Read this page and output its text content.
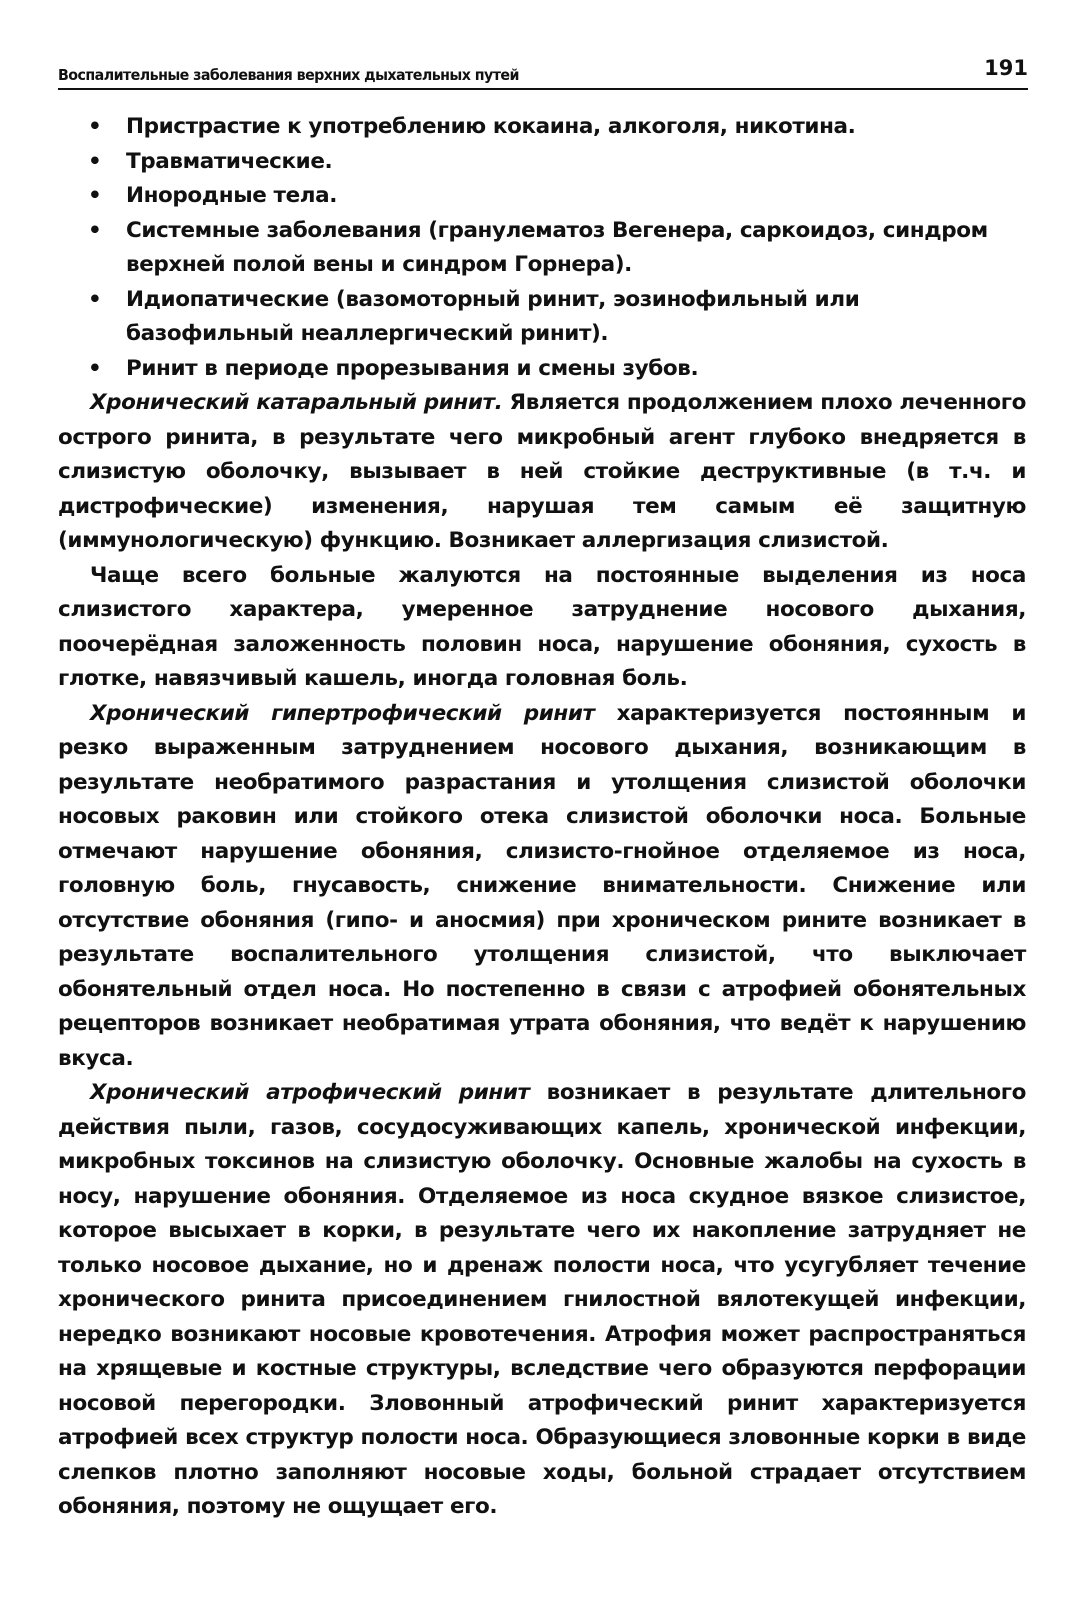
Воспалительные заболевания верхних дыхательных путей	191
• Пристрастие к употреблению кокаина, алкоголя, никотина.
• Травматические.
• Инородные тела.
• Системные заболевания (гранулематоз Вегенера, саркоидоз, синдром верхней полой вены и синдром Горнера).
• Идиопатические (вазомоторный ринит, эозинофильный или базофильный неаллергический ринит).
• Ринит в периоде прорезывания и смены зубов.

Хронический катаральный ринит. Является продолжением плохо леченного острого ринита, в результате чего микробный агент глубоко внедряется в слизистую оболочку, вызывает в ней стойкие деструктивные (в т.ч. и дистрофические) изменения, нарушая тем самым её защитную (иммунологическую) функцию. Возникает аллергизация слизистой.

Чаще всего больные жалуются на постоянные выделения из носа слизистого характера, умеренное затруднение носового дыхания, поочерёдная заложенность половин носа, нарушение обоняния, сухость в глотке, навязчивый кашель, иногда головная боль.

Хронический гипертрофический ринит характеризуется постоянным и резко выраженным затруднением носового дыхания, возникающим в результате необратимого разрастания и утолщения слизистой оболочки носовых раковин или стойкого отека слизистой оболочки носа. Больные отмечают нарушение обоняния, слизисто-гнойное отделяемое из носа, головную боль, гнусавость, снижение внимательности. Снижение или отсутствие обоняния (гипо- и аносмия) при хроническом рините возникает в результате воспалительного утолщения слизистой, что выключает обонятельный отдел носа. Но постепенно в связи с атрофией обонятельных рецепторов возникает необратимая утрата обоняния, что ведёт к нарушению вкуса.

Хронический атрофический ринит возникает в результате длительного действия пыли, газов, сосудосуживающих капель, хронической инфекции, микробных токсинов на слизистую оболочку. Основные жалобы на сухость в носу, нарушение обоняния. Отделяемое из носа скудное вязкое слизистое, которое высыхает в корки, в результате чего их накопление затрудняет не только носовое дыхание, но и дренаж полости носа, что усугубляет течение хронического ринита присоединением гнилостной вялотекущей инфекции, нередко возникают носовые кровотечения. Атрофия может распространяться на хрящевые и костные структуры, вследствие чего образуются перфорации носовой перегородки. Зловонный атрофический ринит характеризуется атрофией всех структур полости носа. Образующиеся зловонные корки в виде слепков плотно заполняют носовые ходы, больной страдает отсутствием обоняния, поэтому не ощущает его.
